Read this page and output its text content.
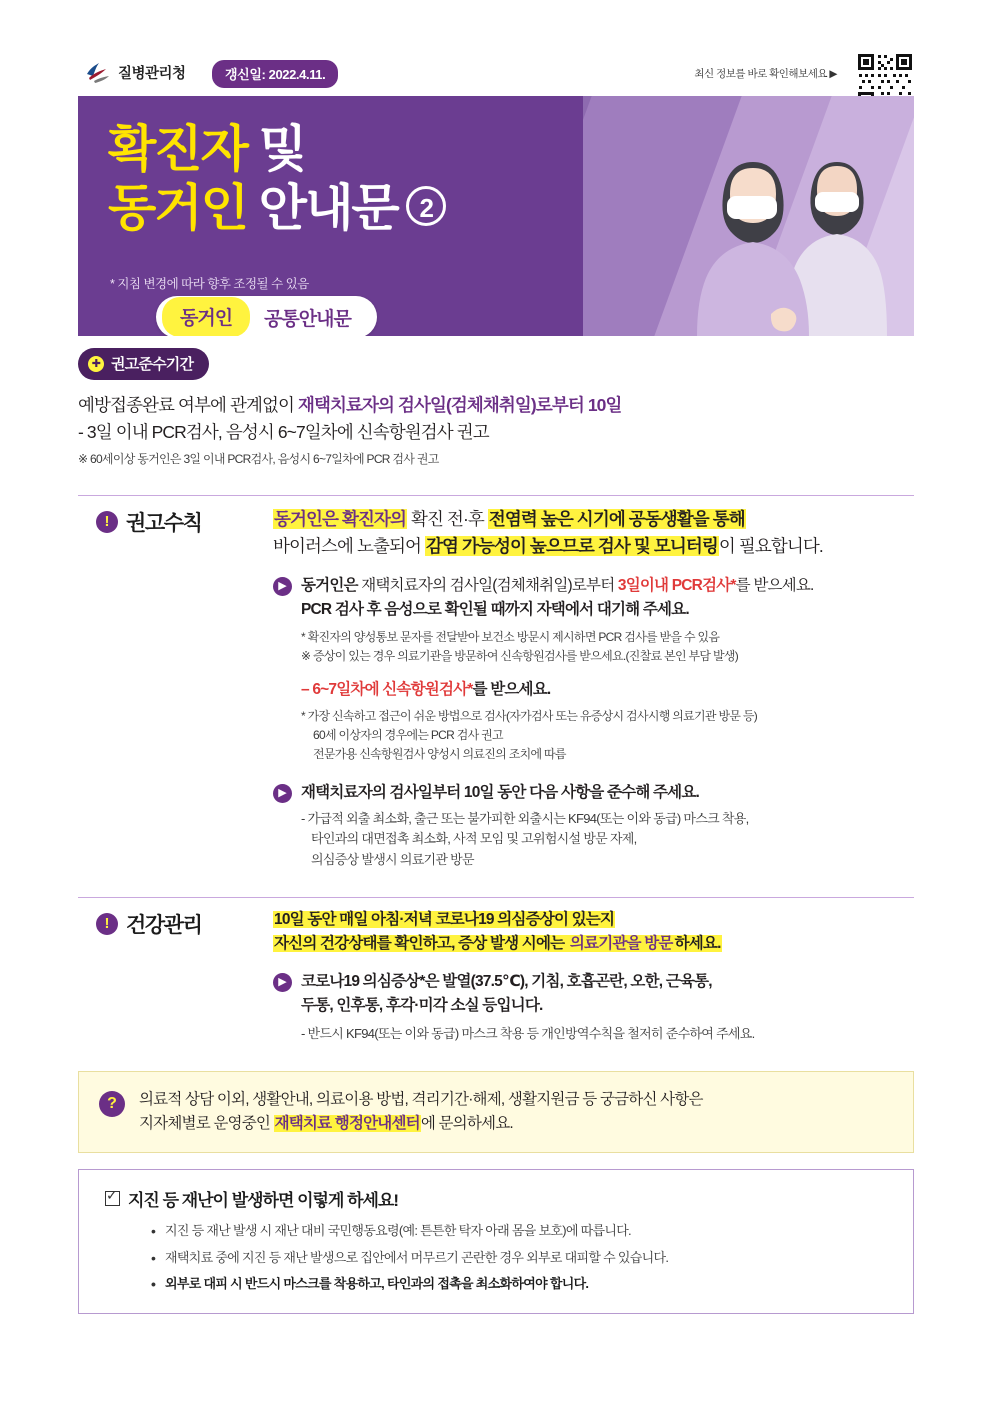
질병관리청	갱신일: 2022.4.11.	최신 정보를 바로 확인해보세요 ▶
확진자 및
동거인 안내문 2
* 지침 변경에 따라 향후 조정될 수 있음
동거인	공통안내문
✚ 권고준수기간
예방접종완료 여부에 관계없이 재택치료자의 검사일(검체채취일)로부터 10일
- 3일 이내 PCR검사, 음성시 6~7일차에 신속항원검사 권고
※ 60세이상 동거인은 3일 이내 PCR검사, 음성시 6~7일차에 PCR 검사 권고
! 권고수칙	동거인은 확진자의 확진 전·후 전염력 높은 시기에 공동생활을 통해
바이러스에 노출되어 감염 가능성이 높으므로 검사 및 모니터링이 필요합니다.
▶ 동거인은 재택치료자의 검사일(검체채취일)로부터 3일이내 PCR검사*를 받으세요.
PCR 검사 후 음성으로 확인될 때까지 자택에서 대기해 주세요.
* 확진자의 양성통보 문자를 전달받아 보건소 방문시 제시하면 PCR 검사를 받을 수 있음
※ 증상이 있는 경우 의료기관을 방문하여 신속항원검사를 받으세요.(진찰료 본인 부담 발생)
– 6~7일차에 신속항원검사*를 받으세요.
* 가장 신속하고 접근이 쉬운 방법으로 검사(자가검사 또는 유증상시 검사시행 의료기관 방문 등)
60세 이상자의 경우에는 PCR 검사 권고
전문가용 신속항원검사 양성시 의료진의 조치에 따름
▶ 재택치료자의 검사일부터 10일 동안 다음 사항을 준수해 주세요.
- 가급적 외출 최소화, 출근 또는 불가피한 외출시는 KF94(또는 이와 동급) 마스크 착용,
타인과의 대면접촉 최소화, 사적 모임 및 고위험시설 방문 자제,
의심증상 발생시 의료기관 방문
! 건강관리	10일 동안 매일 아침·저녁 코로나19 의심증상이 있는지
자신의 건강상태를 확인하고, 증상 발생 시에는 의료기관을 방문 하세요.
▶ 코로나19 의심증상*은 발열(37.5℃), 기침, 호흡곤란, 오한, 근육통,
두통, 인후통, 후각·미각 소실 등입니다.
- 반드시 KF94(또는 이와 동급) 마스크 착용 등 개인방역수칙을 철저히 준수하여 주세요.
?	의료적 상담 이외, 생활안내, 의료이용 방법, 격리기간·해제, 생활지원금 등 궁금하신 사항은
지자체별로 운영중인 재택치료 행정안내센터에 문의하세요.
✓
지진 등 재난이 발생하면 이렇게 하세요!
• 지진 등 재난 발생 시 재난 대비 국민행동요령(예: 튼튼한 탁자 아래 몸을 보호)에 따릅니다.
• 재택치료 중에 지진 등 재난 발생으로 집안에서 머무르기 곤란한 경우 외부로 대피할 수 있습니다.
• 외부로 대피 시 반드시 마스크를 착용하고, 타인과의 접촉을 최소화하여야 합니다.
